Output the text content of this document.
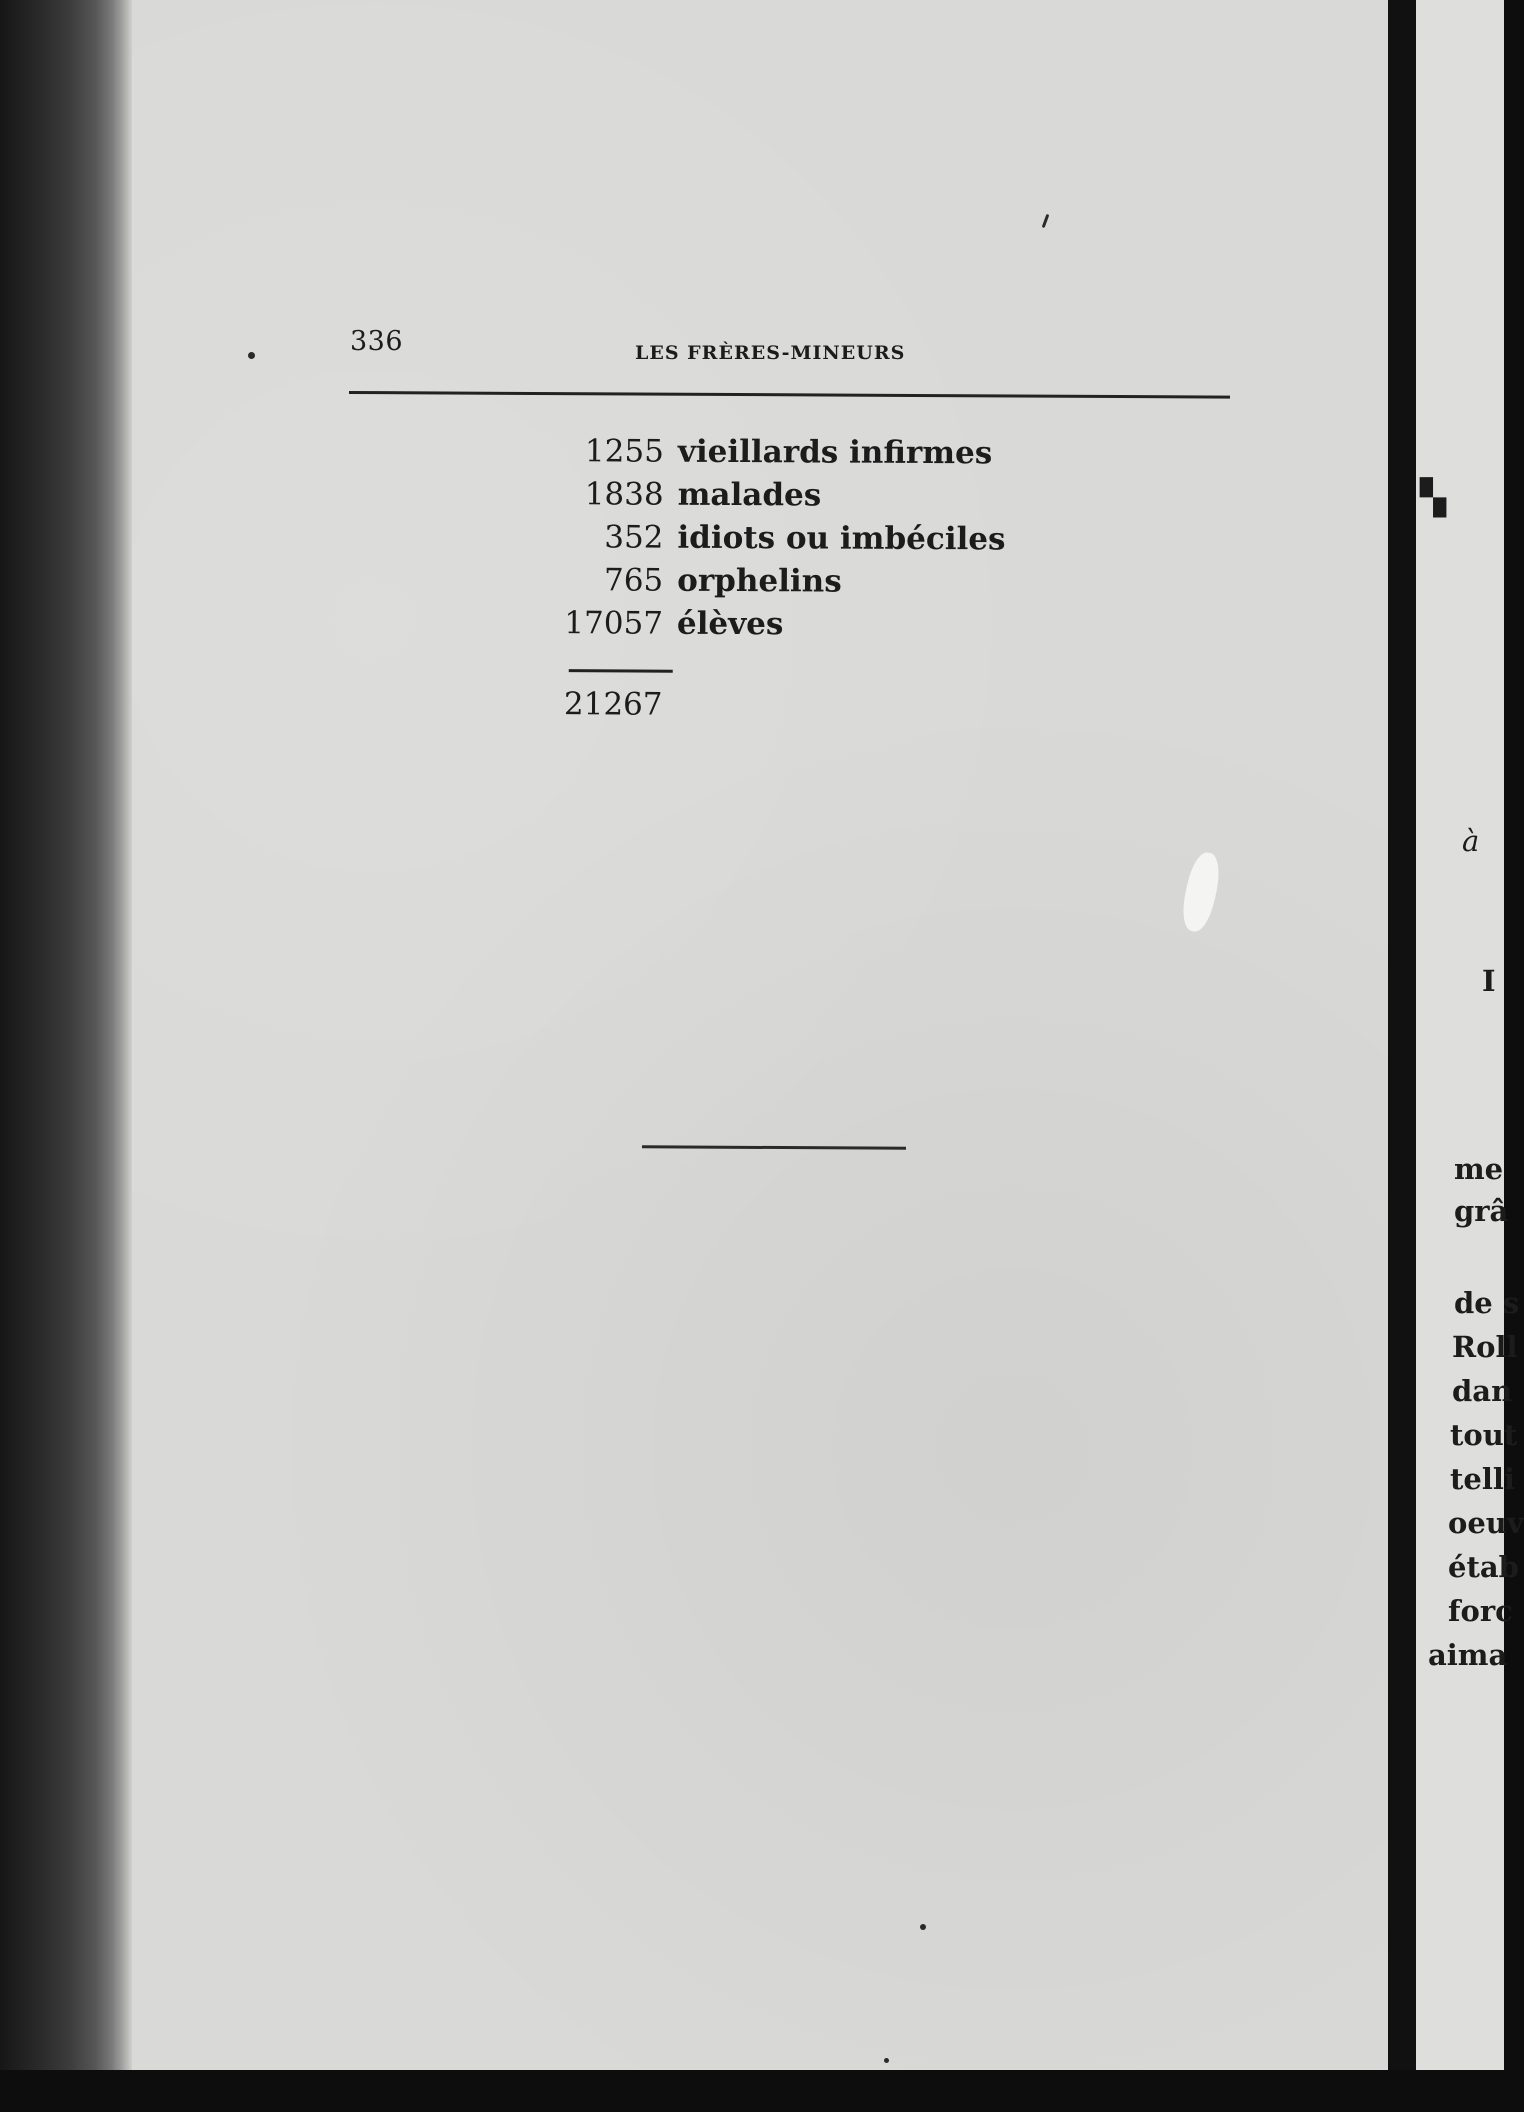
336	LES FRÈRES-MINEURS
1255 vieillards infirmes
1838 malades
352 idiots ou imbéciles
765 orphelins
17057 élèves
21267
▚
à
I
me
grâ
de s
Roll
dan
tout
telli
oeuv
étab
forc
aima
